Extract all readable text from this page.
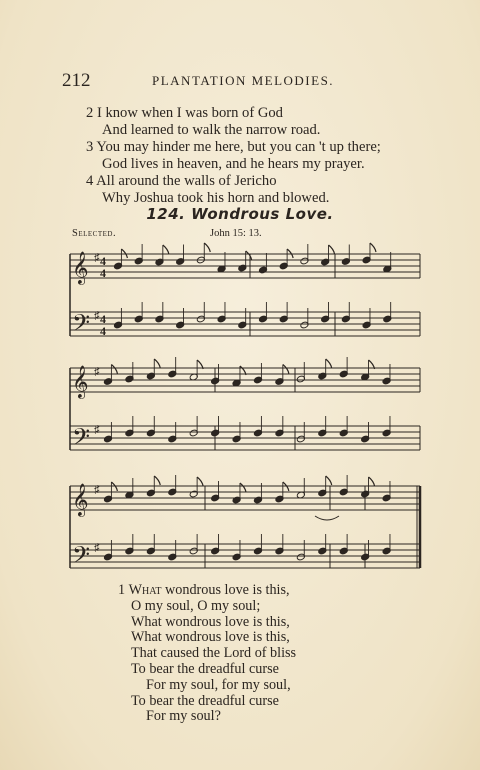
212	PLANTATION MELODIES.
2 I know when I was born of God
And learned to walk the narrow road.
3 You may hinder me here, but you can 't up there;
God lives in heaven, and he hears my prayer.
4 All around the walls of Jericho
Why Joshua took his horn and blowed.
124. Wondrous Love.
Selected.	John 15: 13.
𝄞 ♯ 4
4
𝄢 ♯ 4
4
𝄞 ♯
𝄢 ♯
𝄞 ♯
𝄢 ♯
1 What wondrous love is this,
O my soul, O my soul;
What wondrous love is this,
What wondrous love is this,
That caused the Lord of bliss
To bear the dreadful curse
For my soul, for my soul,
To bear the dreadful curse
For my soul?
